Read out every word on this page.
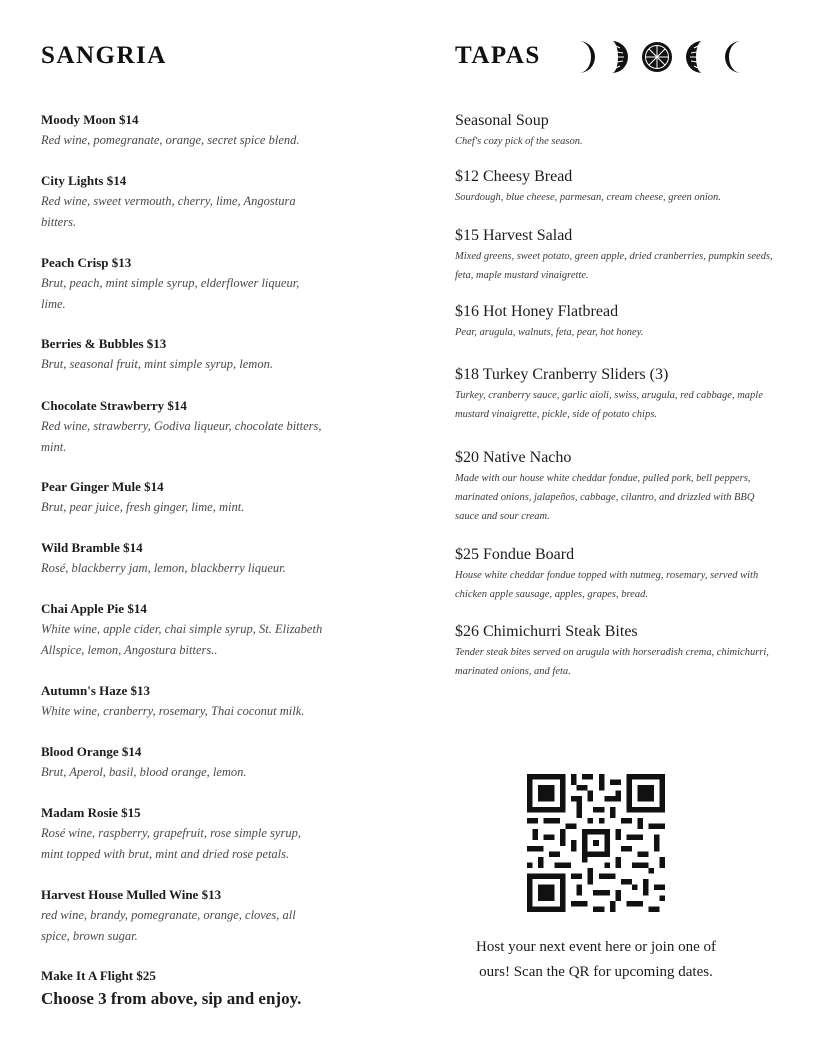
SANGRIA
Moody Moon $14
Red wine, pomegranate, orange, secret spice blend.
City Lights $14
Red wine, sweet vermouth, cherry, lime, Angostura bitters.
Peach Crisp $13
Brut, peach, mint simple syrup, elderflower liqueur, lime.
Berries & Bubbles $13
Brut, seasonal fruit, mint simple syrup, lemon.
Chocolate Strawberry $14
Red wine, strawberry, Godiva liqueur, chocolate bitters, mint.
Pear Ginger Mule $14
Brut, pear juice, fresh ginger, lime, mint.
Wild Bramble $14
Rosé, blackberry jam, lemon, blackberry liqueur.
Chai Apple Pie $14
White wine, apple cider, chai simple syrup, St. Elizabeth Allspice, lemon, Angostura bitters..
Autumn's Haze $13
White wine, cranberry, rosemary, Thai coconut milk.
Blood Orange $14
Brut, Aperol, basil, blood orange, lemon.
Madam Rosie $15
Rosé wine, raspberry, grapefruit, rose simple syrup, mint topped with brut, mint and dried rose petals.
Harvest House Mulled Wine $13
red wine, brandy, pomegranate, orange, cloves, all spice, brown sugar.
Make It A Flight $25
Choose 3 from above, sip and enjoy.
TAPAS
Seasonal Soup
Chef's cozy pick of the season.
$12 Cheesy Bread
Sourdough, blue cheese, parmesan, cream cheese, green onion.
$15 Harvest Salad
Mixed greens, sweet potato, green apple, dried cranberries, pumpkin seeds, feta, maple mustard vinaigrette.
$16 Hot Honey Flatbread
Pear, arugula, walnuts, feta, pear, hot honey.
$18 Turkey Cranberry Sliders (3)
Turkey, cranberry sauce, garlic aioli, swiss, arugula, red cabbage, maple mustard vinaigrette, pickle, side of potato chips.
$20 Native Nacho
Made with our house white cheddar fondue, pulled pork, bell peppers, marinated onions, jalapeños, cabbage, cilantro, and drizzled with BBQ sauce and sour cream.
$25 Fondue Board
House white cheddar fondue topped with nutmeg, rosemary, served with chicken apple sausage, apples, grapes, bread.
$26 Chimichurri Steak Bites
Tender steak bites served on arugula with horseradish crema, chimichurri, marinated onions, and feta.
Host your next event here or join one of
ours! Scan the QR for upcoming dates.
